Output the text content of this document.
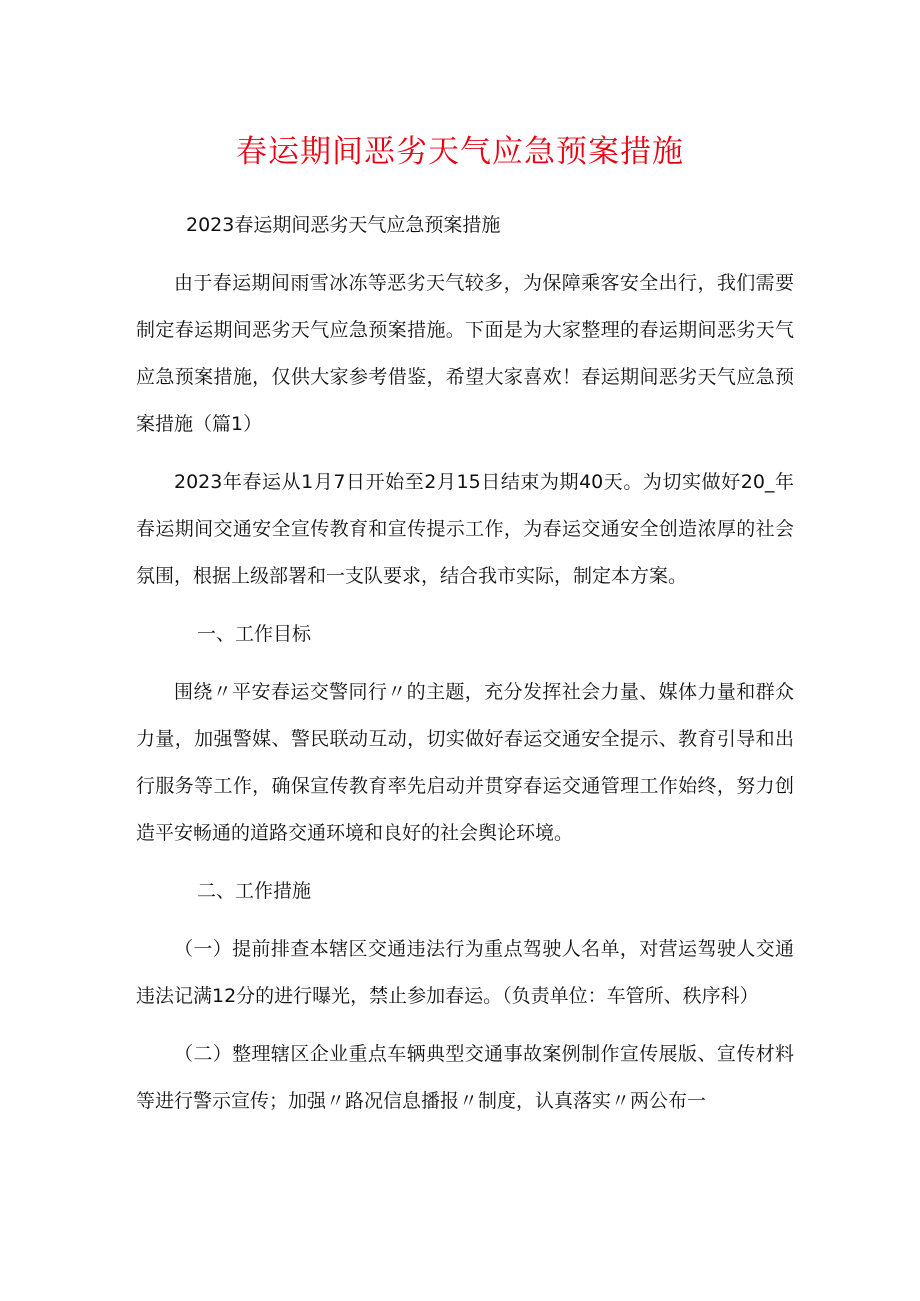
春运期间恶劣天气应急预案措施

2023春运期间恶劣天气应急预案措施

由于春运期间雨雪冰冻等恶劣天气较多，为保障乘客安全出行，我们需要制定春运期间恶劣天气应急预案措施。下面是为大家整理的春运期间恶劣天气应急预案措施，仅供大家参考借鉴，希望大家喜欢！春运期间恶劣天气应急预案措施（篇1）

2023年春运从1月7日开始至2月15日结束为期40天。为切实做好20_年春运期间交通安全宣传教育和宣传提示工作，为春运交通安全创造浓厚的社会氛围，根据上级部署和一支队要求，结合我市实际，制定本方案。

一、工作目标

围绕〃平安春运交警同行〃的主题，充分发挥社会力量、媒体力量和群众力量，加强警媒、警民联动互动，切实做好春运交通安全提示、教育引导和出行服务等工作，确保宣传教育率先启动并贯穿春运交通管理工作始终，努力创造平安畅通的道路交通环境和良好的社会舆论环境。

二、工作措施

（一）提前排查本辖区交通违法行为重点驾驶人名单，对营运驾驶人交通违法记满12分的进行曝光，禁止参加春运。（负责单位：车管所、秩序科）

（二）整理辖区企业重点车辆典型交通事故案例制作宣传展版、宣传材料等进行警示宣传；加强〃路况信息播报〃制度，认真落实〃两公布一
